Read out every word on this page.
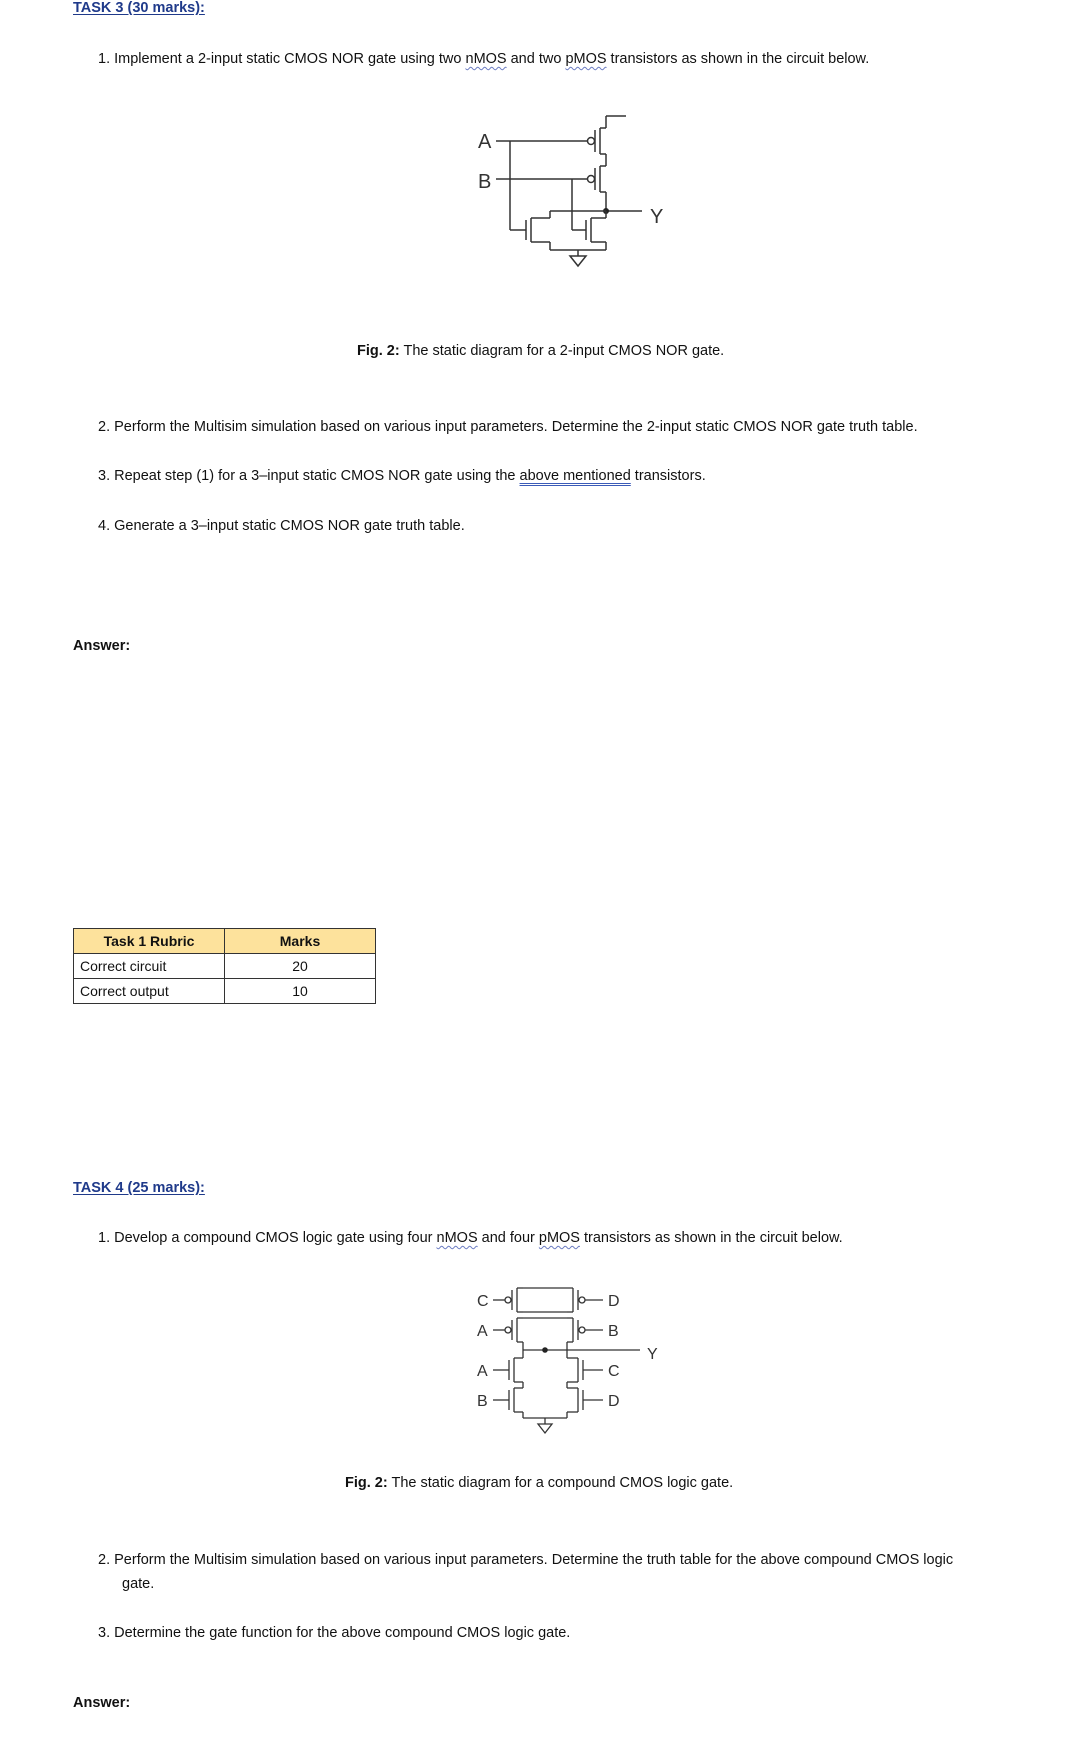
TASK 3 (30 marks):
1. Implement a 2-input static CMOS NOR gate using two nMOS and two pMOS transistors as shown in the circuit below.
A
B
Y
Fig. 2: The static diagram for a 2-input CMOS NOR gate.
2. Perform the Multisim simulation based on various input parameters. Determine the 2-input static CMOS NOR gate truth table.
3. Repeat step (1) for a 3–input static CMOS NOR gate using the above mentioned transistors.
4. Generate a 3–input static CMOS NOR gate truth table.
Answer:
Task 1 Rubric	Marks
Correct circuit	20
Correct output	10
TASK 4 (25 marks):
1. Develop a compound CMOS logic gate using four nMOS and four pMOS transistors as shown in the circuit below.
C
A
D
B
Y
A
B
C
D
Fig. 2: The static diagram for a compound CMOS logic gate.
2. Perform the Multisim simulation based on various input parameters. Determine the truth table for the above compound CMOS logic
gate.
3. Determine the gate function for the above compound CMOS logic gate.
Answer:
